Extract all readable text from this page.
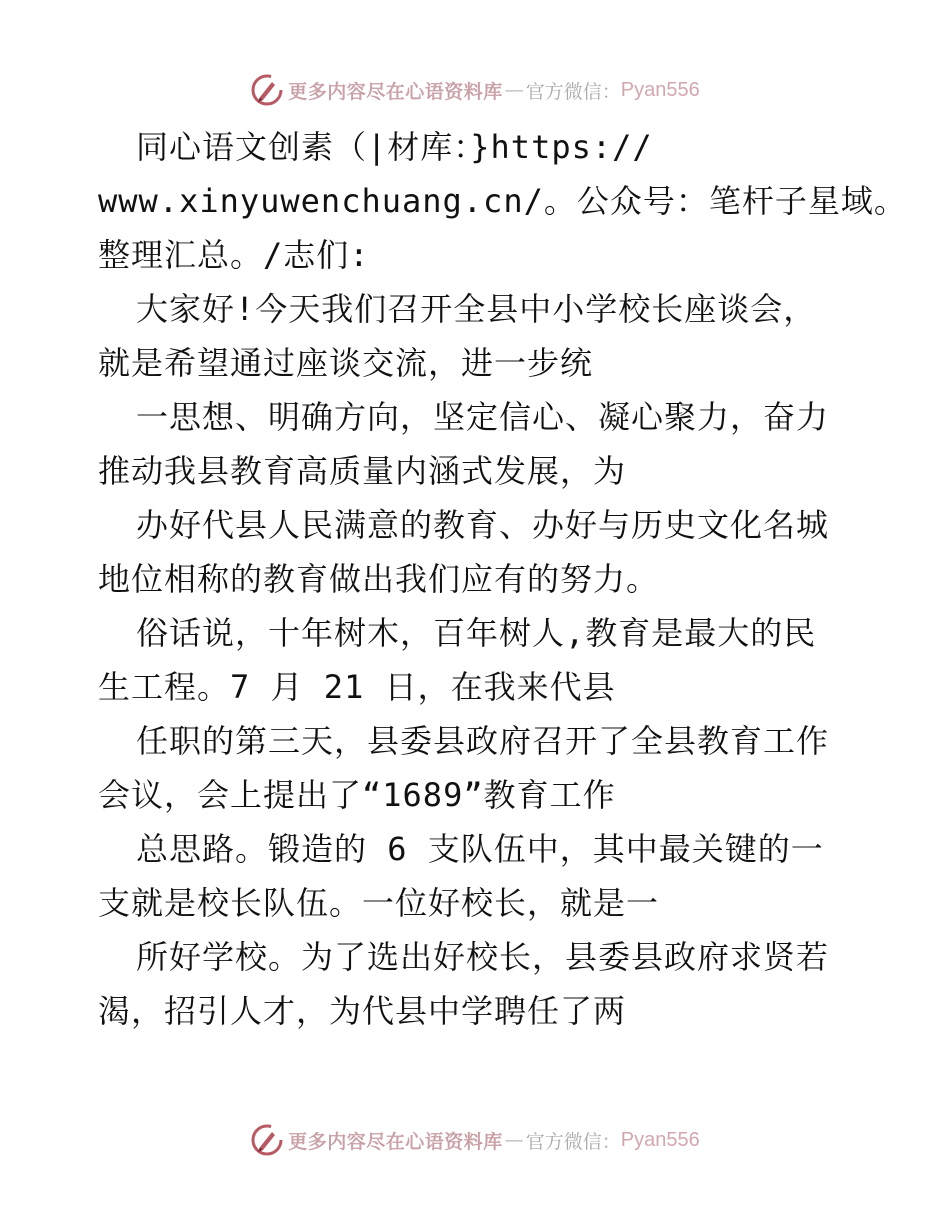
更多内容尽在心语资料库 — 官方微信： Pyan556
同心语文创素（|材库：}https://
www.xinyuwenchuang.cn/。公众号：笔杆子星域。
整理汇总。/志们:
大家好!今天我们召开全县中小学校长座谈会，
就是希望通过座谈交流，进一步统
一思想、明确方向，坚定信心、凝心聚力，奋力
推动我县教育高质量内涵式发展，为
办好代县人民满意的教育、办好与历史文化名城
地位相称的教育做出我们应有的努力。
俗话说，十年树木，百年树人,教育是最大的民
生工程。7 月 21 日，在我来代县
任职的第三天，县委县政府召开了全县教育工作
会议，会上提出了“1689”教育工作
总思路。锻造的 6 支队伍中，其中最关键的一
支就是校长队伍。一位好校长，就是一
所好学校。为了选出好校长，县委县政府求贤若
渴，招引人才，为代县中学聘任了两
更多内容尽在心语资料库 — 官方微信： Pyan556
